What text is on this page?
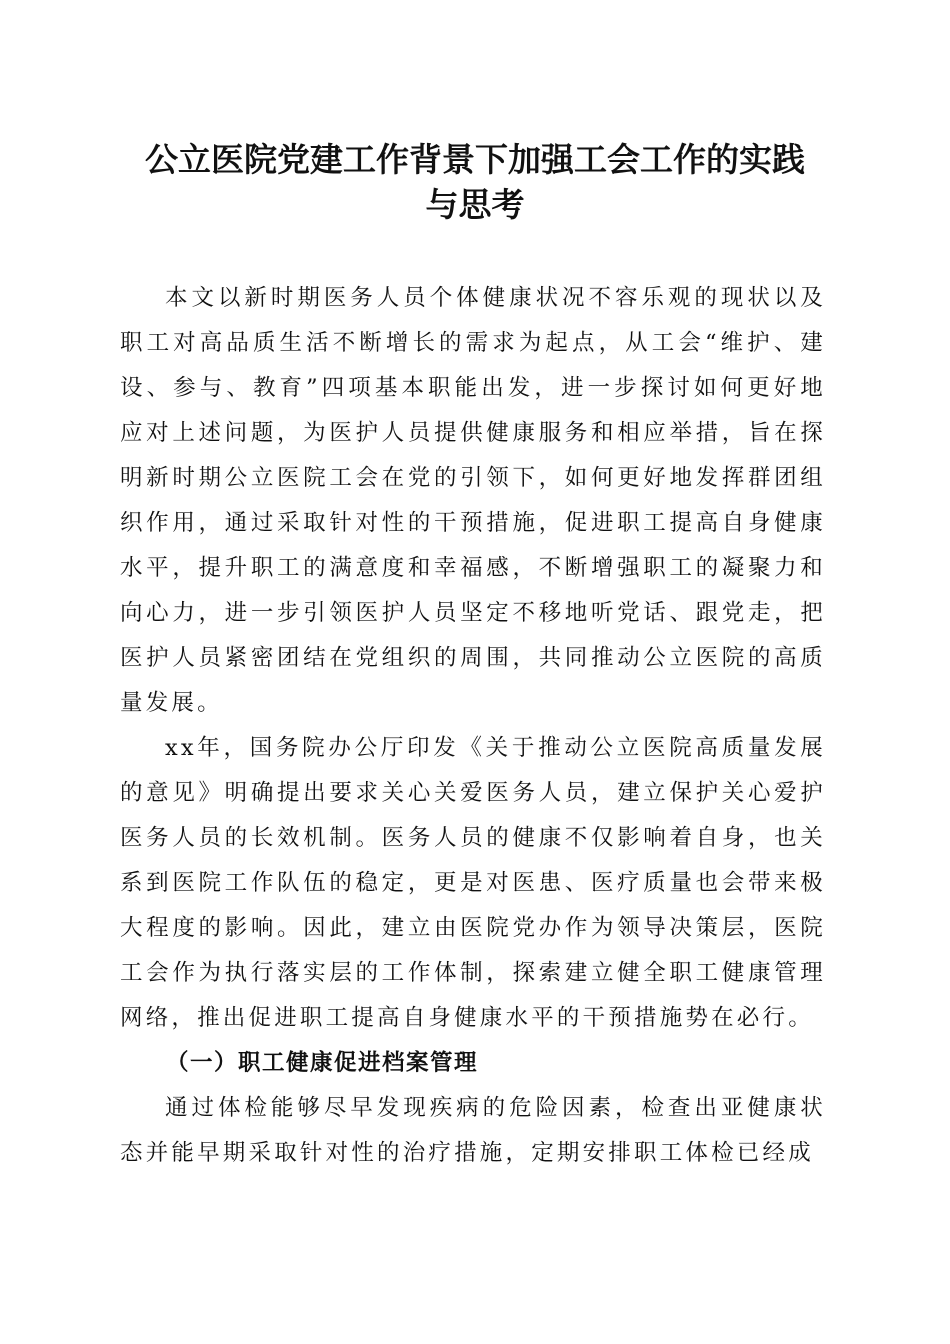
公立医院党建工作背景下加强工会工作的实践
与思考

本文以新时期医务人员个体健康状况不容乐观的现状以及职工对高品质生活不断增长的需求为起点，从工会“维护、建设、参与、教育”四项基本职能出发，进一步探讨如何更好地应对上述问题，为医护人员提供健康服务和相应举措，旨在探明新时期公立医院工会在党的引领下，如何更好地发挥群团组织作用，通过采取针对性的干预措施，促进职工提高自身健康水平，提升职工的满意度和幸福感，不断增强职工的凝聚力和向心力，进一步引领医护人员坚定不移地听党话、跟党走，把医护人员紧密团结在党组织的周围，共同推动公立医院的高质量发展。

xx年，国务院办公厅印发《关于推动公立医院高质量发展的意见》明确提出要求关心关爱医务人员，建立保护关心爱护医务人员的长效机制。医务人员的健康不仅影响着自身，也关系到医院工作队伍的稳定，更是对医患、医疗质量也会带来极大程度的影响。因此，建立由医院党办作为领导决策层，医院工会作为执行落实层的工作体制，探索建立健全职工健康管理网络，推出促进职工提高自身健康水平的干预措施势在必行。

（一）职工健康促进档案管理

通过体检能够尽早发现疾病的危险因素，检查出亚健康状态并能早期采取针对性的治疗措施，定期安排职工体检已经成
